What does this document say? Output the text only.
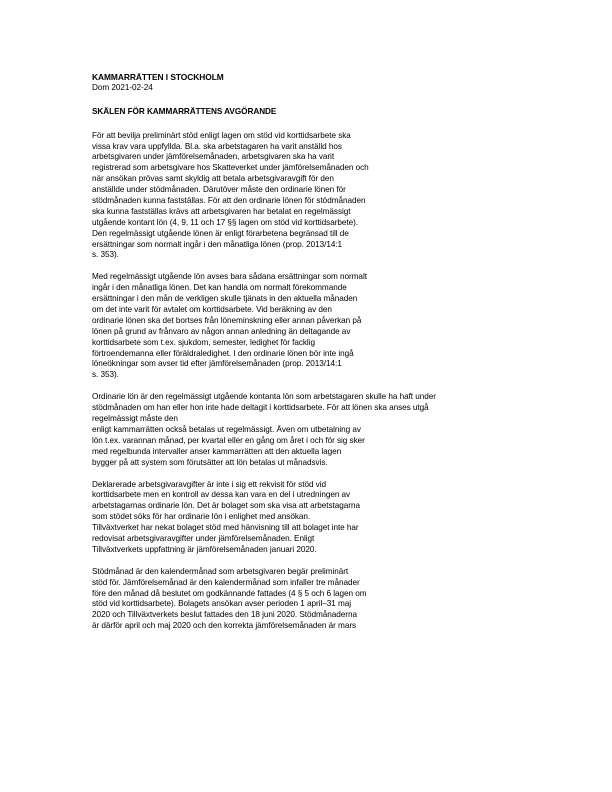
KAMMARRÄTTEN I STOCKHOLM
Dom 2021-02-24
SKÄLEN FÖR KAMMARRÄTTENS AVGÖRANDE
För att bevilja preliminärt stöd enligt lagen om stöd vid korttidsarbete ska
vissa krav vara uppfyllda. Bl.a. ska arbetstagaren ha varit anställd hos
arbetsgivaren under jämförelsemånaden, arbetsgivaren ska ha varit
registrerad som arbetsgivare hos Skatteverket under jämförelsemånaden och
när ansökan prövas samt skyldig att betala arbetsgivaravgift för den
anställde under stödmånaden. Därutöver måste den ordinarie lönen för
stödmånaden kunna fastställas. För att den ordinarie lönen för stödmånaden
ska kunna fastställas krävs att arbetsgivaren har betalat en regelmässigt
utgående kontant lön (4, 9, 11 och 17 §§ lagen om stöd vid korttidsarbete).
Den regelmässigt utgående lönen är enligt förarbetena begränsad till de
ersättningar som normalt ingår i den månatliga lönen (prop. 2013/14:1
s. 353).
Med regelmässigt utgående lön avses bara sådana ersättningar som normalt
ingår i den månatliga lönen. Det kan handla om normalt förekommande
ersättningar i den mån de verkligen skulle tjänats in den aktuella månaden
om det inte varit för avtalet om korttidsarbete. Vid beräkning av den
ordinarie lönen ska det bortses från löneminskning eller annan påverkan på
lönen på grund av frånvaro av någon annan anledning än deltagande av
korttidsarbete som t.ex. sjukdom, semester, ledighet för facklig
förtroendemanna eller föräldraledighet. I den ordinarie lönen bör inte ingå
löneökningar som avser tid efter jämförelsemånaden (prop. 2013/14:1
s. 353).
Ordinarie lön är den regelmässigt utgående kontanta lön som arbetstagaren skulle ha haft under
stödmånaden om han eller hon inte hade deltagit i korttidsarbete. För att lönen ska anses utgå
regelmässigt måste den
enligt kammarrätten också betalas ut regelmässigt. Även om utbetalning av
lön t.ex. varannan månad, per kvartal eller en gång om året i och för sig sker
med regelbunda intervaller anser kammarrätten att den aktuella lagen
bygger på att system som förutsätter att lön betalas ut månadsvis.
Deklarerade arbetsgivaravgifter är inte i sig ett rekvisit för stöd vid
korttidsarbete men en kontroll av dessa kan vara en del i utredningen av
arbetstagarnas ordinarie lön. Det är bolaget som ska visa att arbetstagarna
som stödet söks för har ordinarie lön i enlighet med ansökan.
Tillväxtverket har nekat bolaget stöd med hänvisning till att bolaget inte har
redovisat arbetsgivaravgifter under jämförelsemånaden. Enligt
Tillväxtverkets uppfattning är jämförelsemånaden januari 2020.
Stödmånad är den kalendermånad som arbetsgivaren begär preliminärt
stöd för. Jämförelsemånad är den kalendermånad som infaller tre månader
före den månad då beslutet om godkännande fattades (4 § 5 och 6 lagen om
stöd vid korttidsarbete). Bolagets ansökan avser perioden 1 april–31 maj
2020 och Tillväxtverkets beslut fattades den 18 juni 2020. Stödmånaderna
är därför april och maj 2020 och den korrekta jämförelsemånaden är mars
